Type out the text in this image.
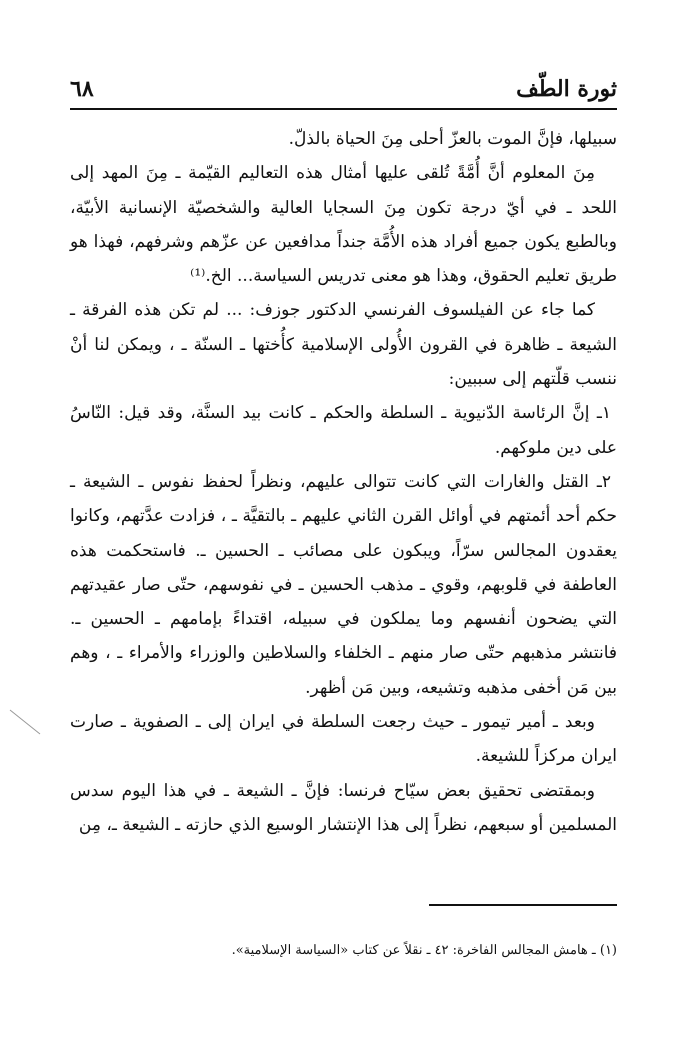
ثورة الطّف
٦٨

سبيلها، فإنَّ الموت بالعزّ أحلى مِنَ الحياة بالذلّ.

مِنَ المعلوم أنَّ أُمَّةً تُلقى عليها أمثال هذه التعاليم القيّمة ـ مِنَ المهد إلى اللحد ـ في أيّ درجة تكون مِنَ السجايا العالية والشخصيّة الإنسانية الأبيّة، وبالطبع يكون جميع أفراد هذه الأُمَّة جنداً مدافعين عن عزّهم وشرفهم، فهذا هو طريق تعليم الحقوق، وهذا هو معنى تدريس السياسة... الخ.⁽¹⁾

كما جاء عن الفيلسوف الفرنسي الدكتور جوزف: ... لم تكن هذه الفرقة ـ الشيعة ـ ظاهرة في القرون الأُولى الإسلامية كأُختها ـ السنّة ـ ، ويمكن لنا أنْ ننسب قلّتهم إلى سببين:

١ـ إنَّ الرئاسة الدّنيوية ـ السلطة والحكم ـ كانت بيد السنَّة، وقد قيل: النّاسُ على دين ملوكهم.

٢ـ القتل والغارات التي كانت تتوالى عليهم، ونظراً لحفظ نفوس ـ الشيعة ـ حكم أحد أئمتهم في أوائل القرن الثاني عليهم ـ بالتقيَّة ـ ، فزادت عدَّتهم، وكانوا يعقدون المجالس سرّاً، ويبكون على مصائب ـ الحسين ـ. فاستحكمت هذه العاطفة في قلوبهم، وقوي ـ مذهب الحسين ـ في نفوسهم، حتّى صار عقيدتهم التي يضحون أنفسهم وما يملكون في سبيله، اقتداءً بإمامهم ـ الحسين ـ. فانتشر مذهبهم حتّى صار منهم ـ الخلفاء والسلاطين والوزراء والأمراء ـ ، وهم بين مَن أخفى مذهبه وتشيعه، وبين مَن أظهر.

وبعد ـ أمير تيمور ـ حيث رجعت السلطة في ايران إلى ـ الصفوية ـ صارت ايران مركزاً للشيعة.

وبمقتضى تحقيق بعض سيّاح فرنسا: فإنَّ ـ الشيعة ـ في هذا اليوم سدس المسلمين أو سبعهم، نظراً إلى هذا الإنتشار الوسيع الذي حازته ـ الشيعة ـ، مِن

(١) ـ هامش المجالس الفاخرة: ٤٢ ـ نقلاً عن كتاب «السياسة الإسلامية».
